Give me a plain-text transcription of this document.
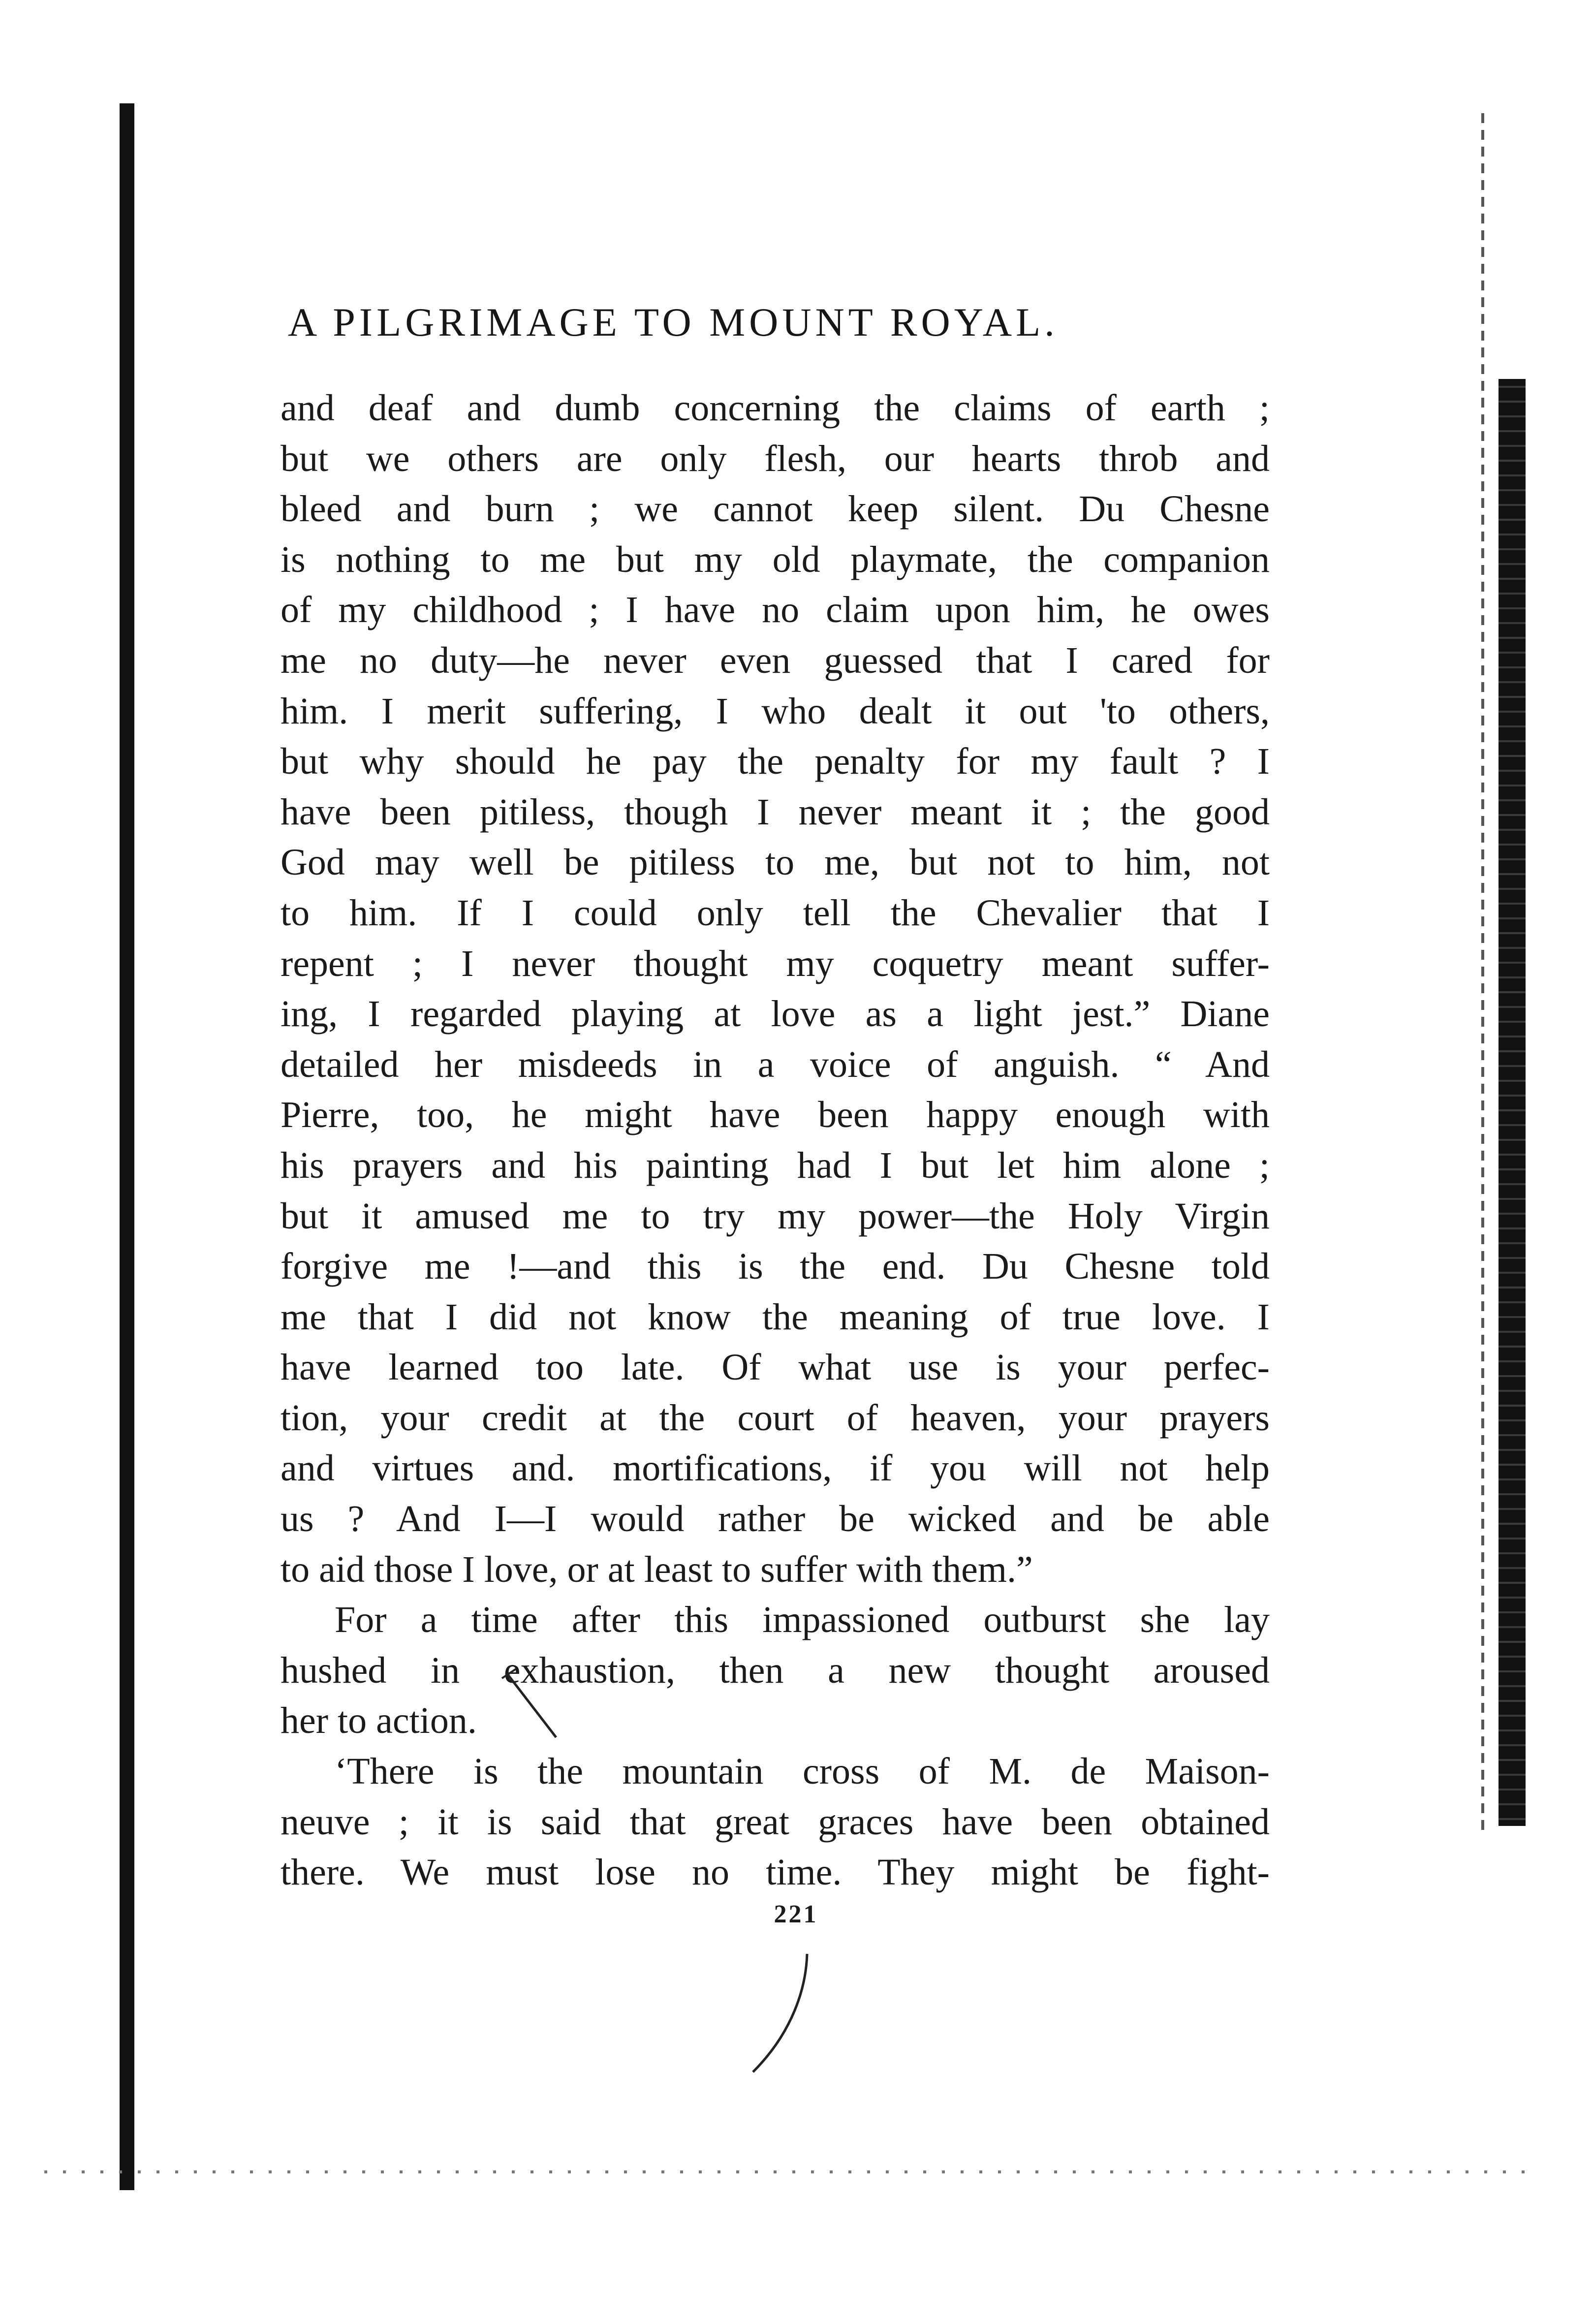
A PILGRIMAGE TO MOUNT ROYAL.
and deaf and dumb concerning the claims of earth ;
but we others are only flesh, our hearts throb and
bleed and burn ; we cannot keep silent. Du Chesne
is nothing to me but my old playmate, the companion
of my childhood ; I have no claim upon him, he owes
me no duty—he never even guessed that I cared for
him. I merit suffering, I who dealt it out 'to others,
but why should he pay the penalty for my fault ? I
have been pitiless, though I never meant it ; the good
God may well be pitiless to me, but not to him, not
to him. If I could only tell the Chevalier that I
repent ; I never thought my coquetry meant suffer-
ing, I regarded playing at love as a light jest.” Diane
detailed her misdeeds in a voice of anguish. “ And
Pierre, too, he might have been happy enough with
his prayers and his painting had I but let him alone ;
but it amused me to try my power—the Holy Virgin
forgive me !—and this is the end. Du Chesne told
me that I did not know the meaning of true love. I
have learned too late. Of what use is your perfec-
tion, your credit at the court of heaven, your prayers
and virtues and. mortifications, if you will not help
us ? And I—I would rather be wicked and be able
to aid those I love, or at least to suffer with them.”
For a time after this impassioned outburst she lay
hushed in exhaustion, then a new thought aroused
her to action.
‘There is the mountain cross of M. de Maison-
neuve ; it is said that great graces have been obtained
there. We must lose no time. They might be fight-
221
